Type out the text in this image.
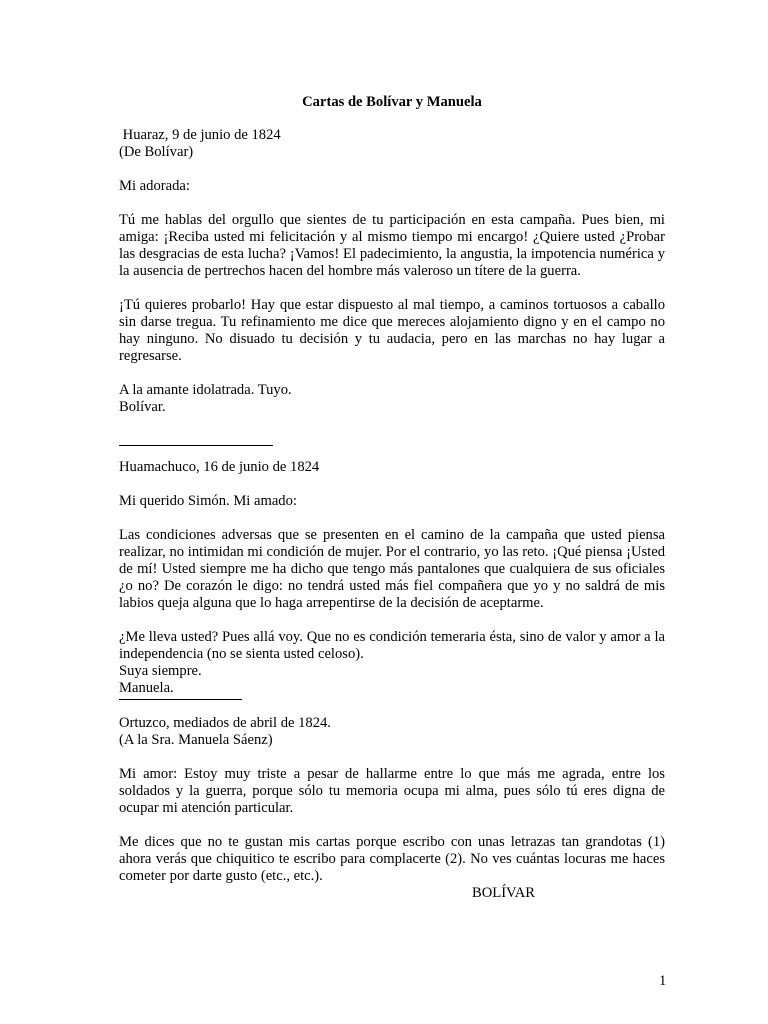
Cartas de Bolívar y Manuela
Huaraz, 9 de junio de 1824
(De Bolívar)
Mi adorada:

Tú me hablas del orgullo que sientes de tu participación en esta campaña. Pues bien, mi amiga: ¡Reciba usted mi felicitación y al mismo tiempo mi encargo! ¿Quiere usted ¿Probar las desgracias de esta lucha? ¡Vamos! El padecimiento, la angustia, la impotencia numérica y la ausencia de pertrechos hacen del hombre más valeroso un títere de la guerra.

¡Tú quieres probarlo! Hay que estar dispuesto al mal tiempo, a caminos tortuosos a caballo sin darse tregua. Tu refinamiento me dice que mereces alojamiento digno y en el campo no hay ninguno. No disuado tu decisión y tu audacia, pero en las marchas no hay lugar a regresarse.

A la amante idolatrada. Tuyo.
Bolívar.
Huamachuco, 16 de junio de 1824
Mi querido Simón. Mi amado:

Las condiciones adversas que se presenten en el camino de la campaña que usted piensa realizar, no intimidan mi condición de mujer. Por el contrario, yo las reto. ¡Qué piensa ¡Usted de mí! Usted siempre me ha dicho que tengo más pantalones que cualquiera de sus oficiales ¿o no? De corazón le digo: no tendrá usted más fiel compañera que yo y no saldrá de mis labios queja alguna que lo haga arrepentirse de la decisión de aceptarme.

¿Me lleva usted? Pues allá voy. Que no es condición temeraria ésta, sino de valor y amor a la independencia (no se sienta usted celoso).

Suya siempre.
Manuela.
Ortuzco, mediados de abril de 1824.
(A la Sra. Manuela Sáenz)

Mi amor: Estoy muy triste a pesar de hallarme entre lo que más me agrada, entre los soldados y la guerra, porque sólo tu memoria ocupa mi alma, pues sólo tú eres digna de ocupar mi atención particular.

Me dices que no te gustan mis cartas porque escribo con unas letrazas tan grandotas (1) ahora verás que chiquitico te escribo para complacerte (2). No ves cuántas locuras me haces cometer por darte gusto (etc., etc.).

BOLÍVAR
1
